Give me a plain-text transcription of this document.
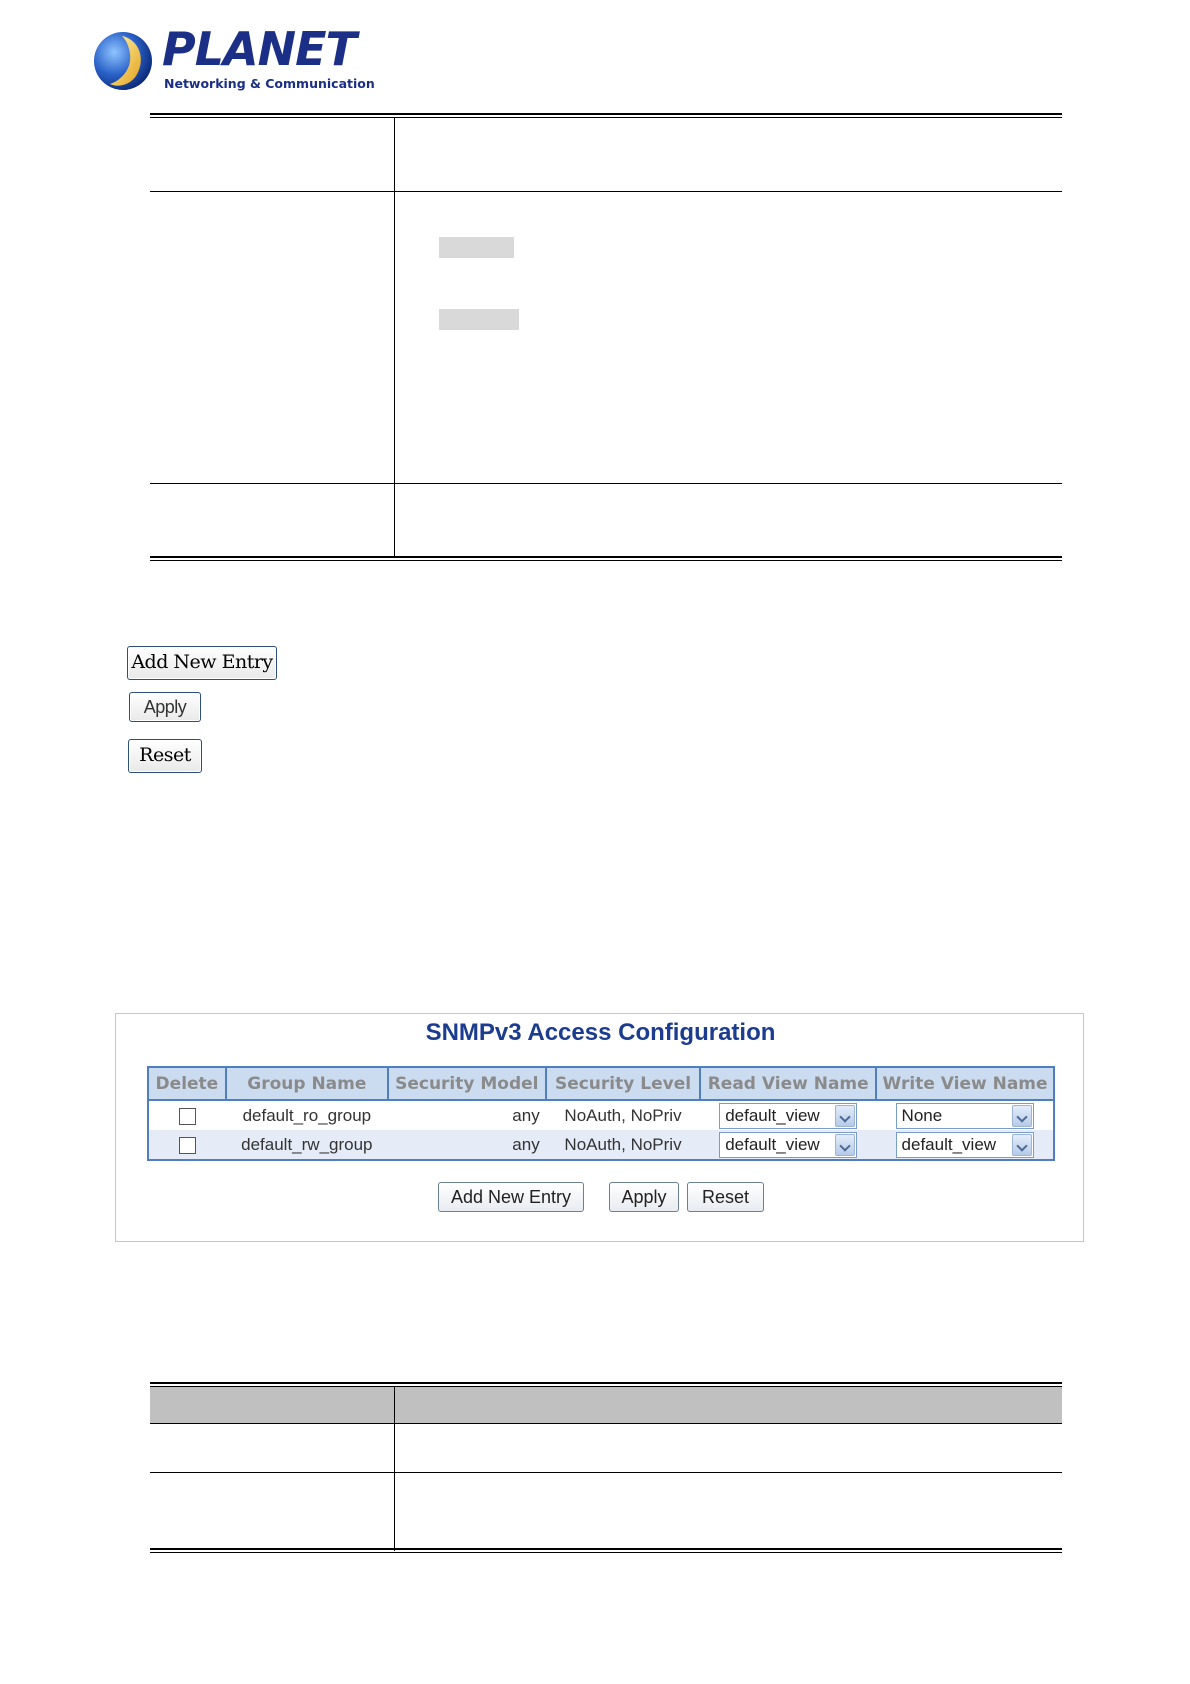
PLANET
Networking & Communication
Add New Entry
Apply
Reset
SNMPv3 Access Configuration
Delete	Group Name	Security Model	Security Level	Read View Name	Write View Name
	default_ro_group	any	NoAuth, NoPriv	default_view	None

	default_rw_group	any	NoAuth, NoPriv	default_view	default_view
Add New Entry	Apply	Reset
